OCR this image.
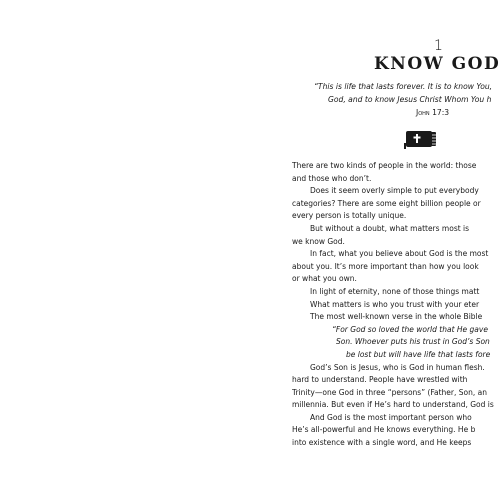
1
KNOW GOD
“This is life that lasts forever. It is to know You,
God, and to know Jesus Christ Whom You h
John 17:3
There are two kinds of people in the world: those
and those who don’t.
Does it seem overly simple to put everybody
categories? There are some eight billion people or
every person is totally unique.
But without a doubt, what matters most is
we know God.
In fact, what you believe about God is the most
about you. It’s more important than how you look
or what you own.
In light of eternity, none of those things matt
What matters is who you trust with your eter
The most well-known verse in the whole Bible
“For God so loved the world that He gave
Son. Whoever puts his trust in God’s Son
be lost but will have life that lasts fore
God’s Son is Jesus, who is God in human flesh.
hard to understand. People have wrestled with
Trinity—one God in three “persons” (Father, Son, an
millennia. But even if He’s hard to understand, God is
And God is the most important person who
He’s all-powerful and He knows everything. He b
into existence with a single word, and He keeps
